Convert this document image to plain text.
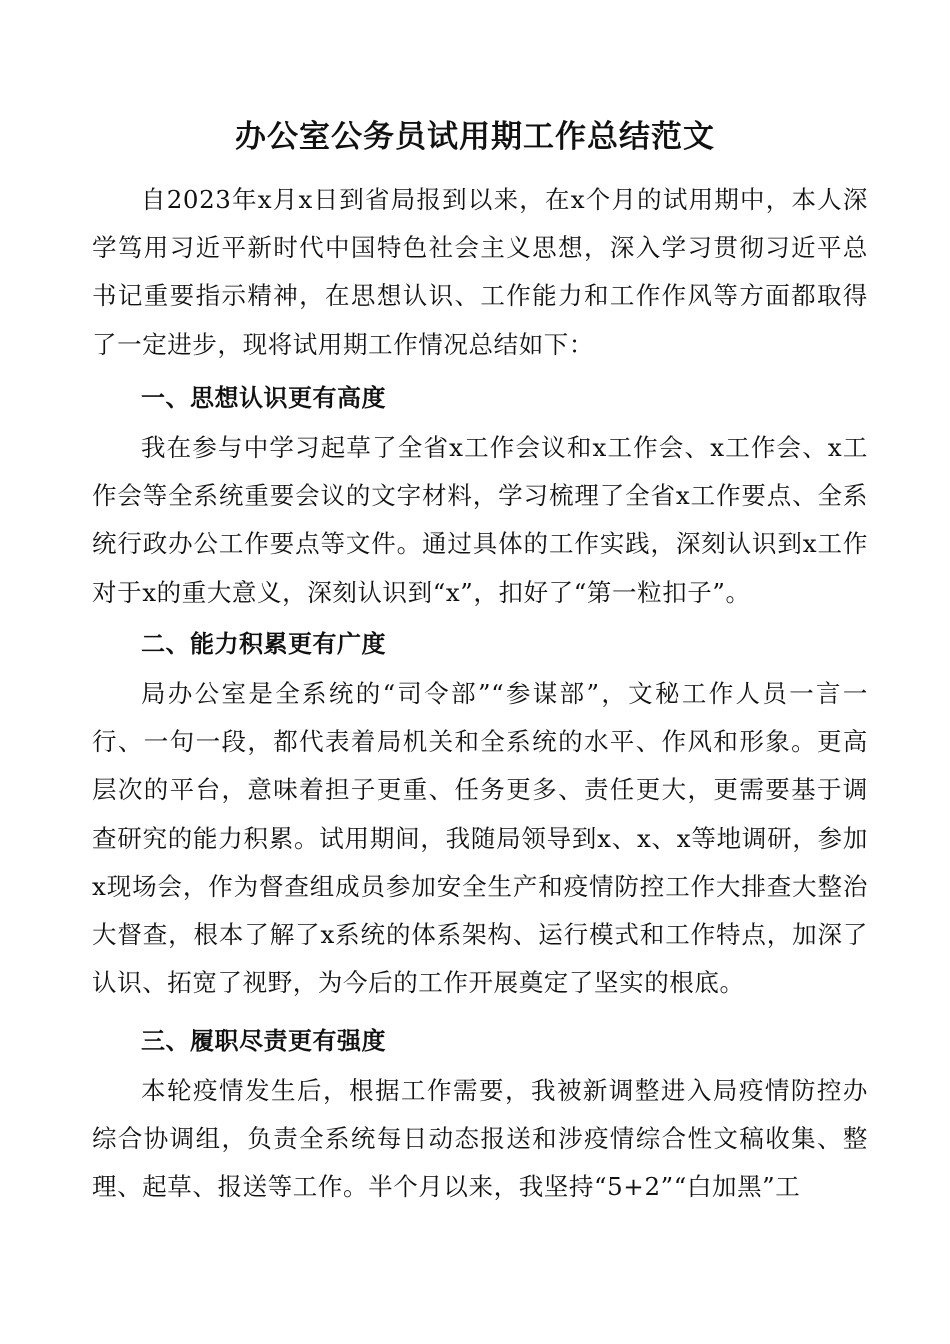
办公室公务员试用期工作总结范文

自2023年x月x日到省局报到以来，在x个月的试用期中，本人深学笃用习近平新时代中国特色社会主义思想，深入学习贯彻习近平总书记重要指示精神，在思想认识、工作能力和工作作风等方面都取得了一定进步，现将试用期工作情况总结如下：

一、思想认识更有高度

我在参与中学习起草了全省x工作会议和x工作会、x工作会、x工作会等全系统重要会议的文字材料，学习梳理了全省x工作要点、全系统行政办公工作要点等文件。通过具体的工作实践，深刻认识到x工作对于x的重大意义，深刻认识到“x”，扣好了“第一粒扣子”。

二、能力积累更有广度

局办公室是全系统的“司令部”“参谋部”，文秘工作人员一言一行、一句一段，都代表着局机关和全系统的水平、作风和形象。更高层次的平台，意味着担子更重、任务更多、责任更大，更需要基于调查研究的能力积累。试用期间，我随局领导到x、x、x等地调研，参加x现场会，作为督查组成员参加安全生产和疫情防控工作大排查大整治大督查，根本了解了x系统的体系架构、运行模式和工作特点，加深了认识、拓宽了视野，为今后的工作开展奠定了坚实的根底。

三、履职尽责更有强度

本轮疫情发生后，根据工作需要，我被新调整进入局疫情防控办综合协调组，负责全系统每日动态报送和涉疫情综合性文稿收集、整理、起草、报送等工作。半个月以来，我坚持“5+2”“白加黑”工
